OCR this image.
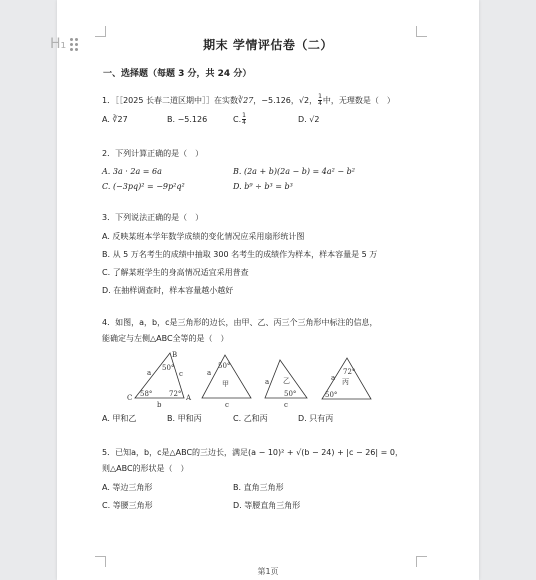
H₁	期末 学情评估卷（二）
一、选择题（每题 3 分，共 24 分）
1．［［2025 长春二道区期中］］在实数∛27，−5.126，√2， $\frac{1}{4}$ 中，无理数是（　）
A. ∛27	B. −5.126	C. $\frac{1}{4}$	D. √2
2．下列计算正确的是（　）
A. 3a · 2a = 6a	B. (2a + b)(2a − b) = 4a² − b²
C. (−3pq)² = −9p²q²	D. b⁹ ÷ b³ = b³
3．下列说法正确的是（　）
A. 反映某班本学年数学成绩的变化情况应采用扇形统计图
B. 从 5 万名考生的成绩中抽取 300 名考生的成绩作为样本，样本容量是 5 万
C. 了解某班学生的身高情况适宜采用普查
D. 在抽样调查时，样本容量越小越好
4．如图，a，b，c是三角形的边长，由甲、乙、丙三个三角形中标注的信息，
能确定与左侧△ABC全等的是（　）
B
C	A
a	c
b
50°
58° 72°
a
50°
甲
c
乙
50°
a
c
72°
丙
50°
a
A. 甲和乙	B. 甲和丙	C. 乙和丙	D. 只有丙
5．已知a，b，c是△ABC的三边长，满足(a − 10)² + √(b − 24) + |c − 26| = 0，
则△ABC的形状是（　）
A. 等边三角形	B. 直角三角形
C. 等腰三角形	D. 等腰直角三角形
第1页
